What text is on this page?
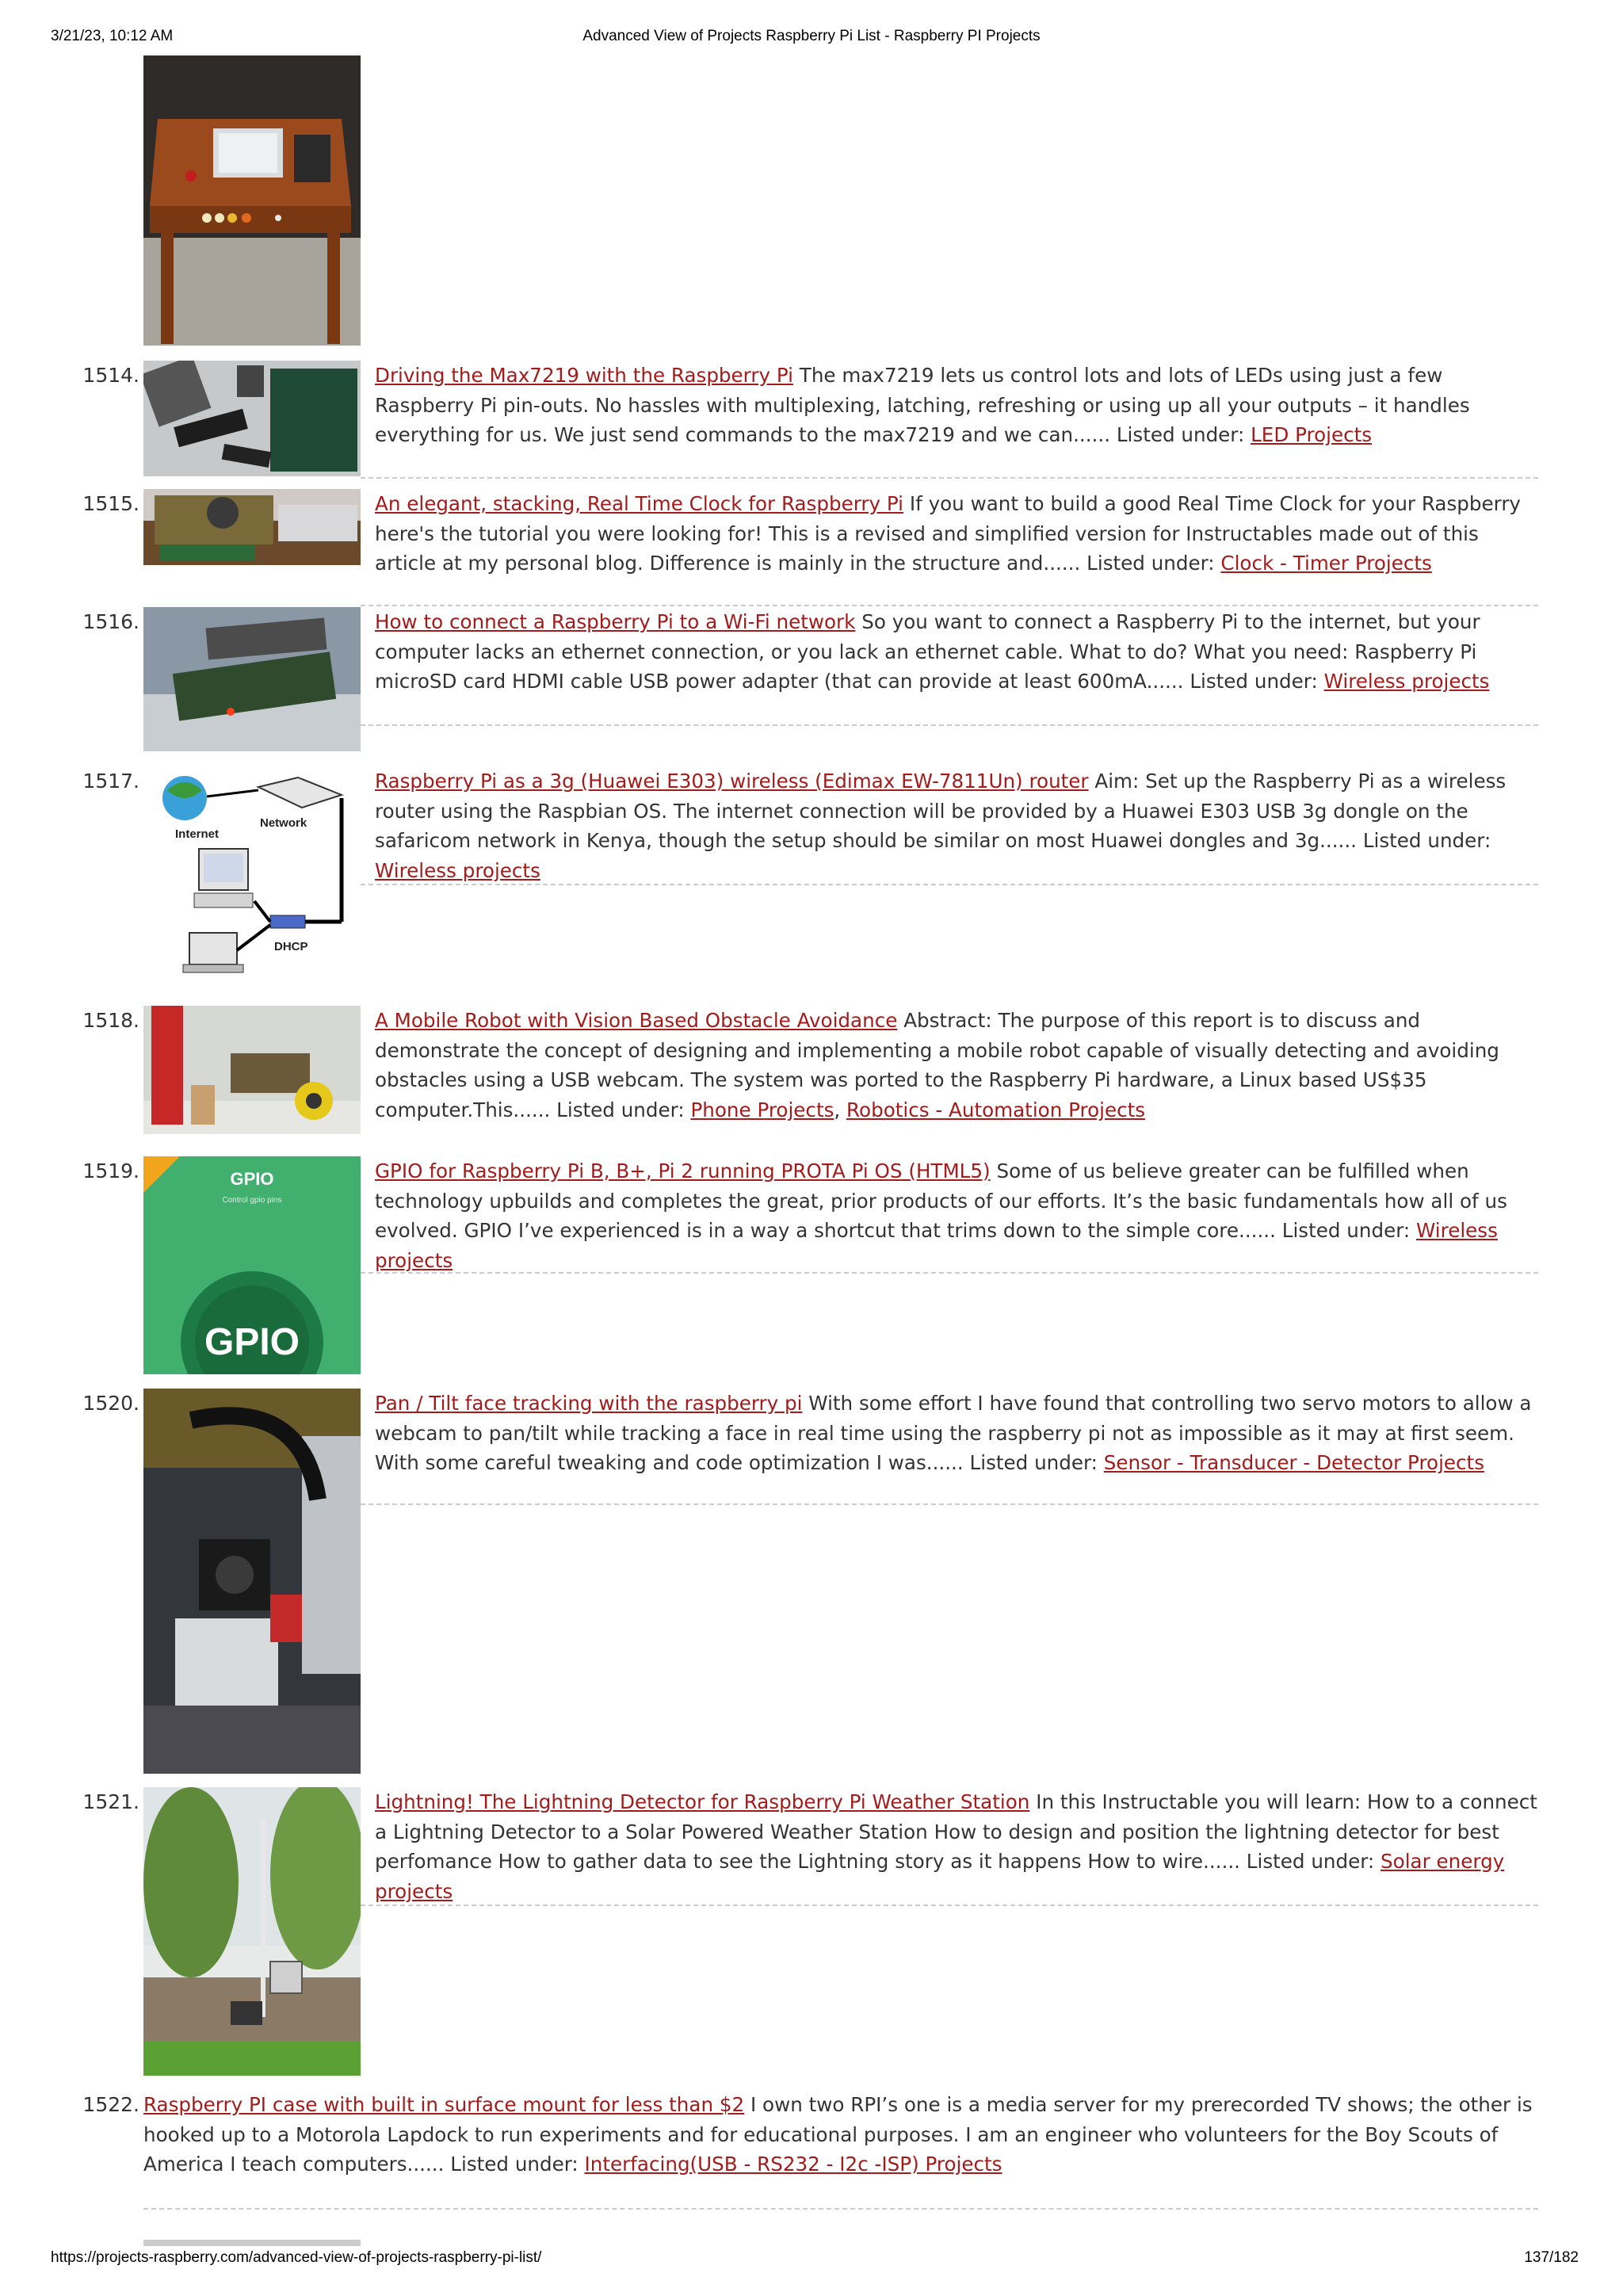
3/21/23, 10:12 AM	Advanced View of Projects Raspberry Pi List - Raspberry PI Projects
1514.	Driving the Max7219 with the Raspberry Pi The max7219 lets us control lots and lots of LEDs using just a few Raspberry Pi pin-outs. No hassles with multiplexing, latching, refreshing or using up all your outputs – it handles everything for us. We just send commands to the max7219 and we can...... Listed under: LED Projects
1515.	An elegant, stacking, Real Time Clock for Raspberry Pi If you want to build a good Real Time Clock for your Raspberry here's the tutorial you were looking for! This is a revised and simplified version for Instructables made out of this article at my personal blog. Difference is mainly in the structure and...... Listed under: Clock - Timer Projects
1516.	How to connect a Raspberry Pi to a Wi-Fi network So you want to connect a Raspberry Pi to the internet, but your computer lacks an ethernet connection, or you lack an ethernet cable. What to do? What you need: Raspberry Pi microSD card HDMI cable USB power adapter (that can provide at least 600mA...... Listed under: Wireless projects
1517.
Internet
Network
DHCP
Raspberry Pi as a 3g (Huawei E303) wireless (Edimax EW-7811Un) router Aim: Set up the Raspberry Pi as a wireless router using the Raspbian OS. The internet connection will be provided by a Huawei E303 USB 3g dongle on the safaricom network in Kenya, though the setup should be similar on most Huawei dongles and 3g...... Listed under: Wireless projects
1518.	A Mobile Robot with Vision Based Obstacle Avoidance Abstract: The purpose of this report is to discuss and demonstrate the concept of designing and implementing a mobile robot capable of visually detecting and avoiding obstacles using a USB webcam. The system was ported to the Raspberry Pi hardware, a Linux based US$35 computer.This...... Listed under: Phone Projects, Robotics - Automation Projects
1519.	GPIO
Control gpio pins
GPIO
GPIO for Raspberry Pi B, B+, Pi 2 running PROTA Pi OS (HTML5) Some of us believe greater can be fulfilled when technology upbuilds and completes the great, prior products of our efforts. It’s the basic fundamentals how all of us evolved. GPIO I’ve experienced is in a way a shortcut that trims down to the simple core...... Listed under: Wireless projects
1520.	Pan / Tilt face tracking with the raspberry pi With some effort I have found that controlling two servo motors to allow a webcam to pan/tilt while tracking a face in real time using the raspberry pi not as impossible as it may at first seem. With some careful tweaking and code optimization I was...... Listed under: Sensor - Transducer - Detector Projects
1521.	Lightning! The Lightning Detector for Raspberry Pi Weather Station In this Instructable you will learn: How to a connect a Lightning Detector to a Solar Powered Weather Station How to design and position the lightning detector for best perfomance How to gather data to see the Lightning story as it happens How to wire...... Listed under: Solar energy projects
1522. Raspberry PI case with built in surface mount for less than $2 I own two RPI’s one is a media server for my prerecorded TV shows; the other is hooked up to a Motorola Lapdock to run experiments and for educational purposes. I am an engineer who volunteers for the Boy Scouts of America I teach computers...... Listed under: Interfacing(USB - RS232 - I2c -ISP) Projects
https://projects-raspberry.com/advanced-view-of-projects-raspberry-pi-list/	137/182
